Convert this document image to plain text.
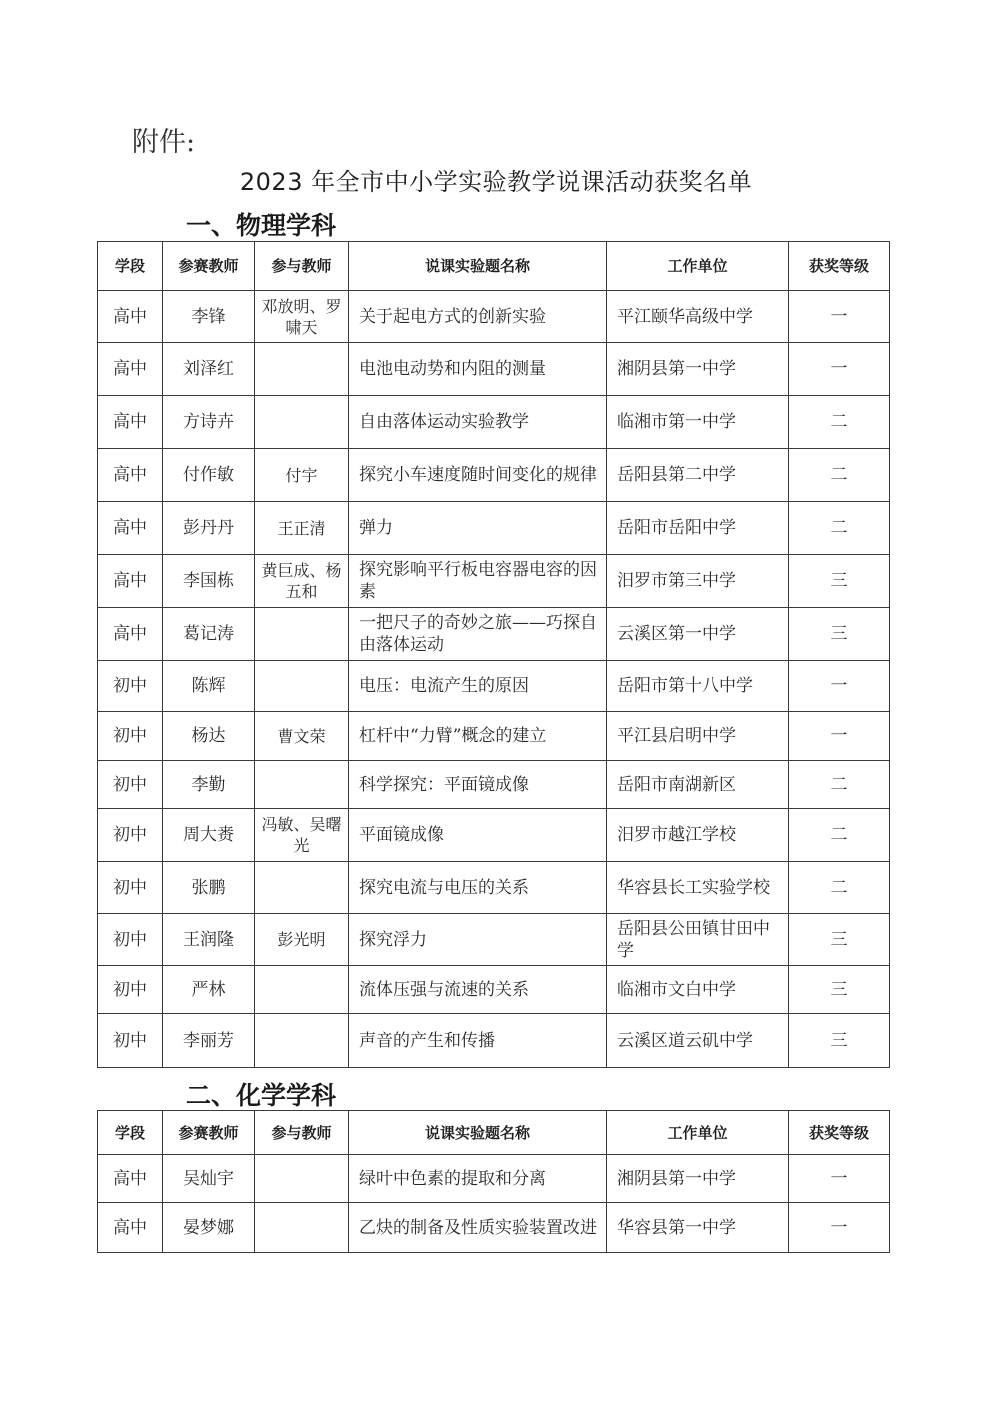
附件:
2023 年全市中小学实验教学说课活动获奖名单
一、物理学科
学段	参赛教师	参与教师	说课实验题名称	工作单位	获奖等级
高中	李锋	邓放明、罗啸天	关于起电方式的创新实验	平江颐华高级中学	一
高中	刘泽红		电池电动势和内阻的测量	湘阴县第一中学	一
高中	方诗卉		自由落体运动实验教学	临湘市第一中学	二
高中	付作敏	付宇	探究小车速度随时间变化的规律	岳阳县第二中学	二
高中	彭丹丹	王正清	弹力	岳阳市岳阳中学	二
高中	李国栋	黄巨成、杨五和	探究影响平行板电容器电容的因素	汨罗市第三中学	三
高中	葛记涛		一把尺子的奇妙之旅——巧探自由落体运动	云溪区第一中学	三
初中	陈辉		电压：电流产生的原因	岳阳市第十八中学	一
初中	杨达	曹文荣	杠杆中“力臂”概念的建立	平江县启明中学	一
初中	李勤		科学探究：平面镜成像	岳阳市南湖新区	二
初中	周大赉	冯敏、吴曙光	平面镜成像	汨罗市越江学校	二
初中	张鹏		探究电流与电压的关系	华容县长工实验学校	二
初中	王润隆	彭光明	探究浮力	岳阳县公田镇甘田中学	三
初中	严林		流体压强与流速的关系	临湘市文白中学	三
初中	李丽芳		声音的产生和传播	云溪区道云矶中学	三
二、化学学科
学段	参赛教师	参与教师	说课实验题名称	工作单位	获奖等级
高中	吴灿宇		绿叶中色素的提取和分离	湘阴县第一中学	一
高中	晏梦娜		乙炔的制备及性质实验装置改进	华容县第一中学	一
